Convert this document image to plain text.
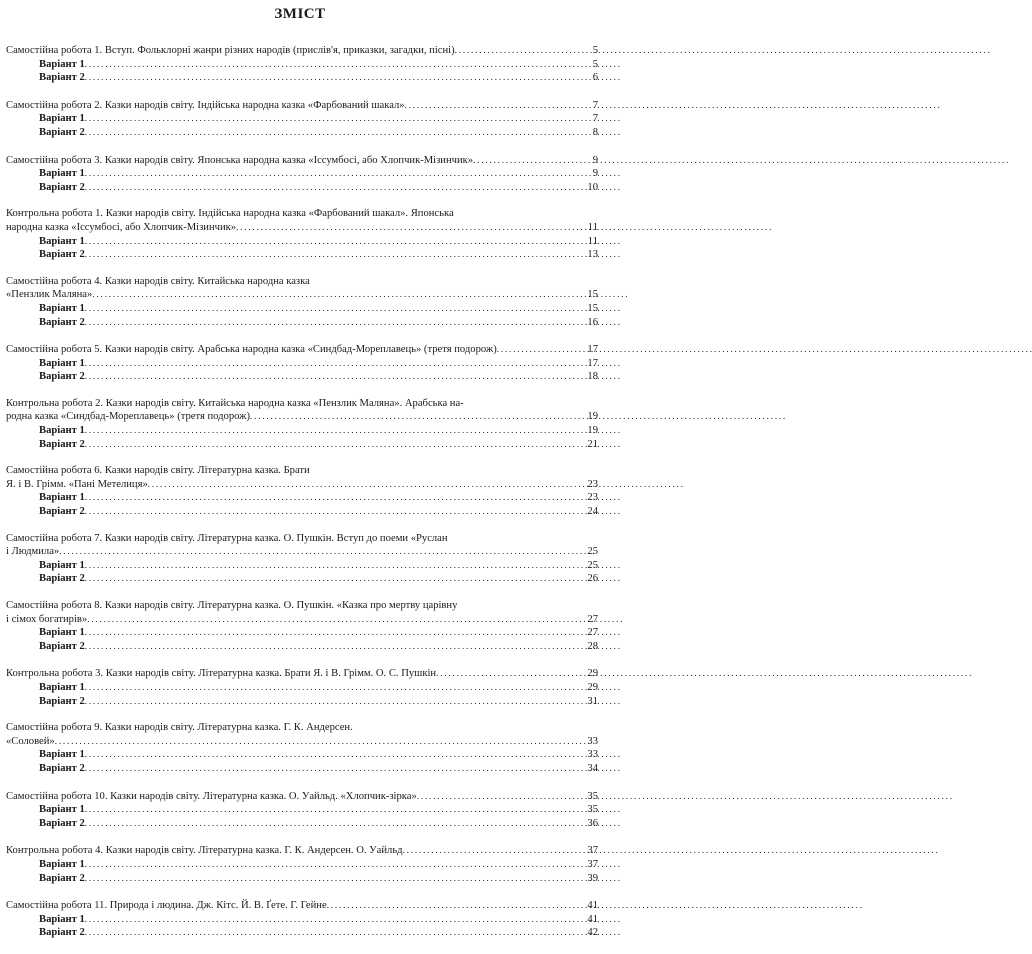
ЗМІСТ
Самостійна робота 1. Вступ. Фольклорні жанри різних народів (прислів'я, приказки, загадки, пісні) . . .	5
Варіант 1 . . .	5
Варіант 2 . . .	6
Самостійна робота 2. Казки народів світу. Індійська народна казка «Фарбований шакал» . . .	7
Варіант 1 . . .	7
Варіант 2 . . .	8
Самостійна робота 3. Казки народів світу. Японська народна казка «Іссумбосі, або Хлопчик-Мізинчик» . . .	9
Варіант 1 . . .	9
Варіант 2 . . .	10
Контрольна робота 1. Казки народів світу. Індійська народна казка «Фарбований шакал». Японська
народна казка «Іссумбосі, або Хлопчик-Мізинчик» . . .	11
Варіант 1 . . .	11
Варіант 2 . . .	13
Самостійна робота 4. Казки народів світу. Китайська народна казка
«Пензлик Маляна» . . .	15
Варіант 1 . . .	15
Варіант 2 . . .	16
Самостійна робота 5. Казки народів світу. Арабська народна казка «Синдбад-Мореплавець» (третя подорож) . . .	17
Варіант 1 . . .	17
Варіант 2 . . .	18
Контрольна робота 2. Казки народів світу. Китайська народна казка «Пензлик Маляна». Арабська на-
родна казка «Синдбад-Мореплавець» (третя подорож) . . .	19
Варіант 1 . . .	19
Варіант 2 . . .	21
Самостійна робота 6. Казки народів світу. Літературна казка. Брати
Я. і В. Грімм. «Пані Метелиця» . . .	23
Варіант 1 . . .	23
Варіант 2 . . .	24
Самостійна робота 7. Казки народів світу. Літературна казка. О. Пушкін. Вступ до поеми «Руслан
і Людмила» . . .	25
Варіант 1 . . .	25
Варіант 2 . . .	26
Самостійна робота 8. Казки народів світу. Літературна казка. О. Пушкін. «Казка про мертву царівну
і сімох богатирів» . . .	27
Варіант 1 . . .	27
Варіант 2 . . .	28
Контрольна робота 3. Казки народів світу. Літературна казка. Брати Я. і В. Грімм. О. С. Пушкін . . .	29
Варіант 1 . . .	29
Варіант 2 . . .	31
Самостійна робота 9. Казки народів світу. Літературна казка. Г. К. Андерсен.
«Соловей» . . .	33
Варіант 1 . . .	33
Варіант 2 . . .	34
Самостійна робота 10. Казки народів світу. Літературна казка. О. Уайльд. «Хлопчик-зірка» . . .	35
Варіант 1 . . .	35
Варіант 2 . . .	36
Контрольна робота 4. Казки народів світу. Літературна казка. Г. К. Андерсен. О. Уайльд . . .	37
Варіант 1 . . .	37
Варіант 2 . . .	39
Самостійна робота 11. Природа і людина. Дж. Кітс. Й. В. Ґете. Г. Гейне . . .	41
Варіант 1 . . .	41
Варіант 2 . . .	42
